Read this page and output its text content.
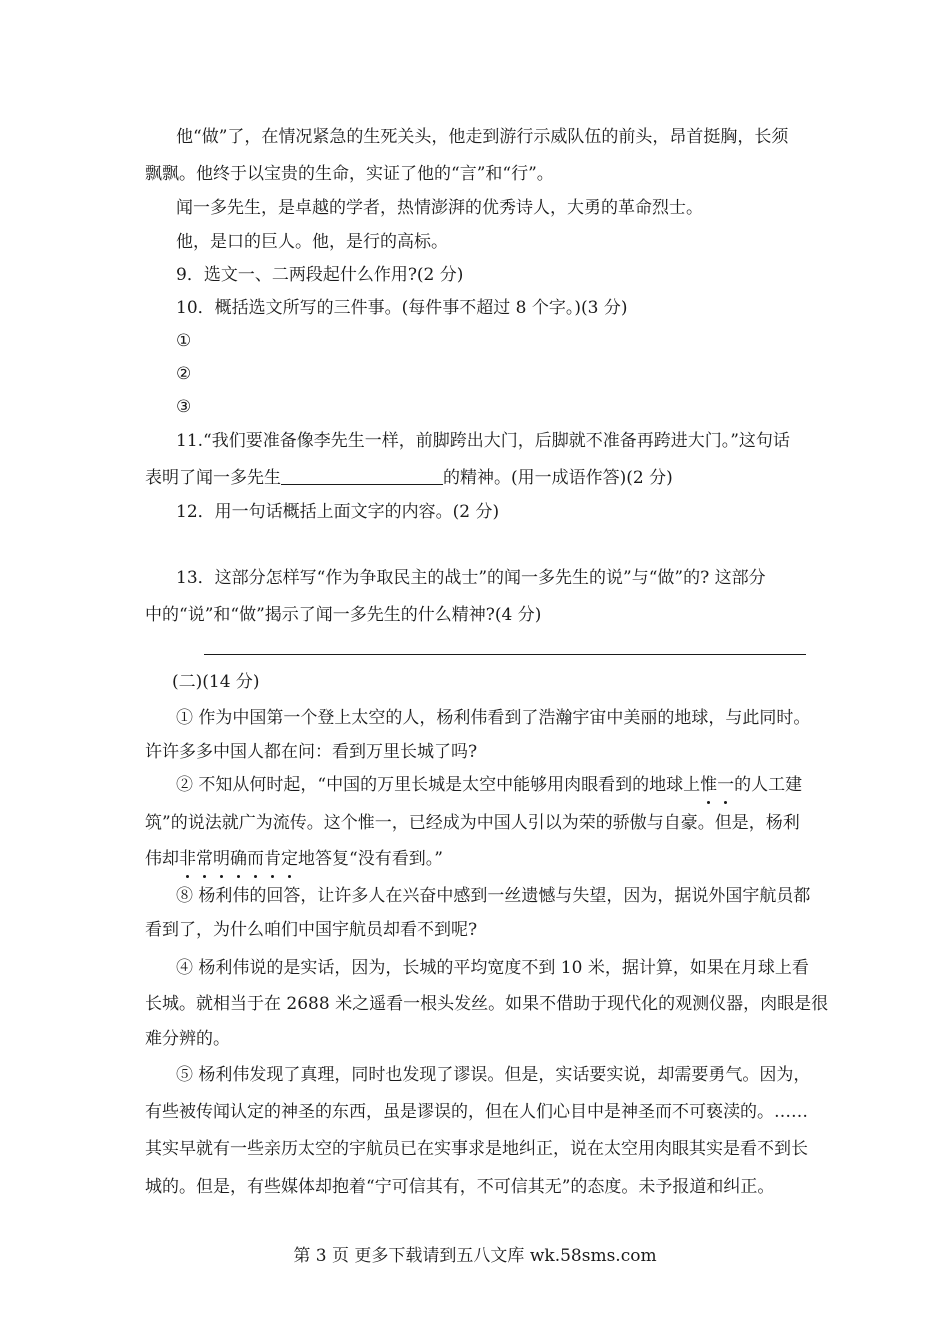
他“做”了，在情况紧急的生死关头，他走到游行示威队伍的前头，昂首挺胸，长须
飘飘。他终于以宝贵的生命，实证了他的“言”和“行”。
闻一多先生，是卓越的学者，热情澎湃的优秀诗人，大勇的革命烈士。
他，是口的巨人。他，是行的高标。
9．选文一、二两段起什么作用?(2 分)
10．概括选文所写的三件事。(每件事不超过 8 个字。)(3 分)
①
②
③
11.“我们要准备像李先生一样，前脚跨出大门，后脚就不准备再跨进大门。”这句话
表明了闻一多先生	的精神。(用一成语作答)(2 分)
12．用一句话概括上面文字的内容。(2 分)
13．这部分怎样写“作为争取民主的战士”的闻一多先生的说”与“做”的? 这部分
中的“说”和“做”揭示了闻一多先生的什么精神?(4 分)
(二)(14 分)
① 作为中国第一个登上太空的人，杨利伟看到了浩瀚宇宙中美丽的地球，与此同时。
许许多多中国人都在问：看到万里长城了吗?
② 不知从何时起，“中国的万里长城是太空中能够用肉眼看到的地球上惟
一
的人工建
筑”的说法就广为流传。这个惟一，已经成为中国人引以为荣的骄傲与自豪。但是，杨利
伟却非
常
明
确
而
肯
定
地答复“没有看到。”
⑧ 杨利伟的回答，让许多人在兴奋中感到一丝遗憾与失望，因为，据说外国宇航员都
看到了，为什么咱们中国宇航员却看不到呢?
④ 杨利伟说的是实话，因为，长城的平均宽度不到 10 米，据计算，如果在月球上看
长城。就相当于在 2688 米之遥看一根头发丝。如果不借助于现代化的观测仪器，肉眼是很
难分辨的。
⑤ 杨利伟发现了真理，同时也发现了谬误。但是，实话要实说，却需要勇气。因为，
有些被传闻认定的神圣的东西，虽是谬误的，但在人们心目中是神圣而不可亵渎的。……
其实早就有一些亲历太空的宇航员已在实事求是地纠正，说在太空用肉眼其实是看不到长
城的。但是，有些媒体却抱着“宁可信其有，不可信其无”的态度。未予报道和纠正。
第 3 页 更多下载请到五八文库 wk.58sms.com
